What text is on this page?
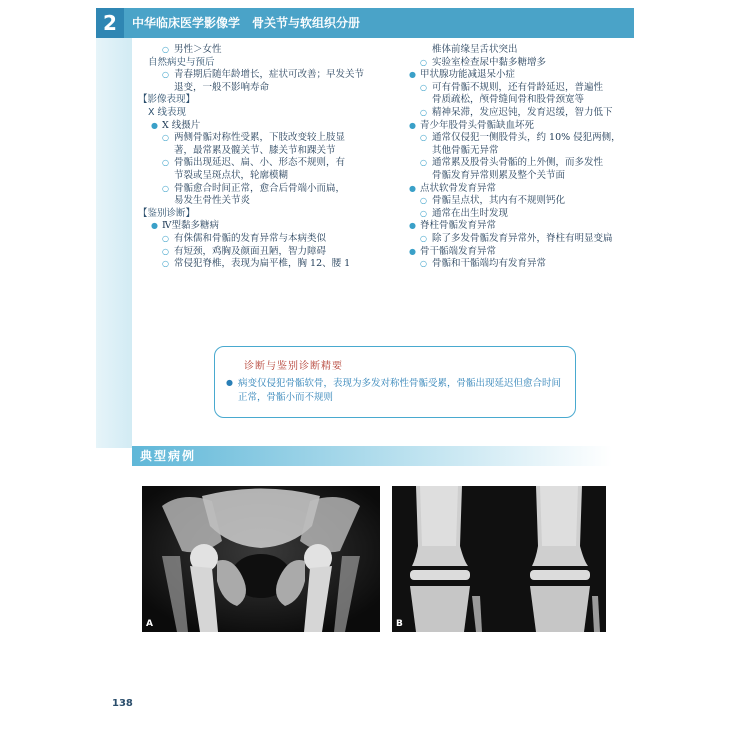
2	中华临床医学影像学　骨关节与软组织分册
○ 男性＞女性
自然病史与预后
○ 青春期后随年龄增长，症状可改善；早发关节
退变，一般不影响寿命
【影像表现】
X 线表现
● X 线摄片
○ 两侧骨骺对称性受累，下肢改变较上肢显
著，最常累及髋关节、膝关节和踝关节
○ 骨骺出现延迟、扁、小、形态不规则，有
节裂或呈斑点状，轮廓模糊
○ 骨骺愈合时间正常，愈合后骨端小而扁，
易发生骨性关节炎
【鉴别诊断】
● Ⅳ型黏多糖病
○ 有侏儒和骨骺的发育异常与本病类似
○ 有短颈，鸡胸及颜面丑陋，智力障碍
○ 常侵犯脊椎，表现为扁平椎，胸 12、腰 1
椎体前缘呈舌状突出
○ 实验室检查尿中黏多糖增多
● 甲状腺功能减退呆小症
○ 可有骨骺不规则，还有骨龄延迟，普遍性
骨质疏松，颅骨缝间骨和股骨颈宽等
○ 精神呆滞，发应迟钝，发育迟缓，智力低下
● 青少年股骨头骨骺缺血坏死
○ 通常仅侵犯一侧股骨头，约 10% 侵犯两侧，
其他骨骺无异常
○ 通常累及股骨头骨骺的上外侧，而多发性
骨骺发育异常则累及整个关节面
● 点状软骨发育异常
○ 骨骺呈点状，其内有不规则钙化
○ 通常在出生时发现
● 脊柱骨骺发育异常
○ 除了多发骨骺发育异常外，脊柱有明显变扁
● 骨干骺端发育异常
○ 骨骺和干骺端均有发育异常
诊断与鉴别诊断精要
● 病变仅侵犯骨骺软骨，表现为多发对称性骨骺受累，骨骺出现延迟但愈合时间正常，骨骺小而不规则
典型病例
A	B
138
